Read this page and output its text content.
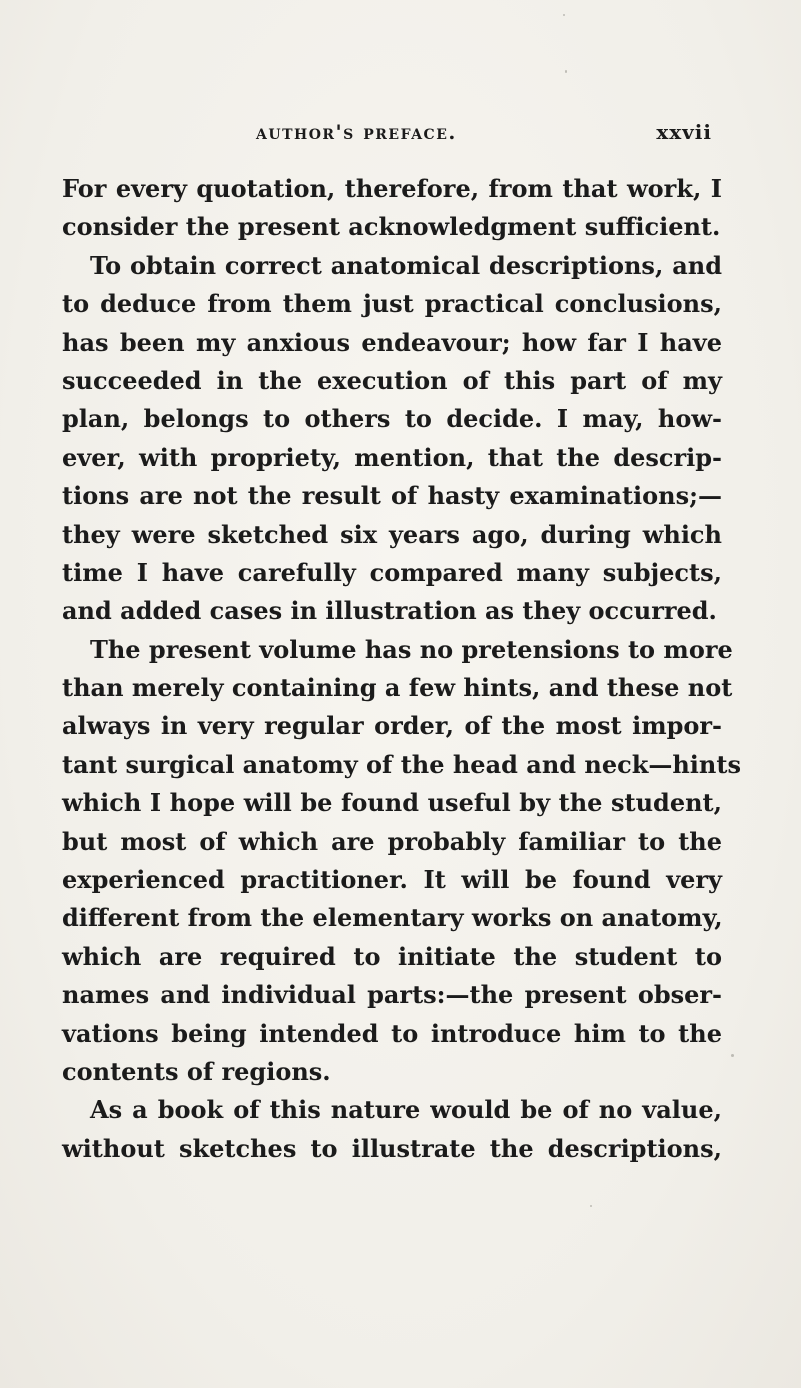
author's preface.	xxvii
For every quotation, therefore, from that work, I
consider the present acknowledgment sufficient.
To obtain correct anatomical descriptions, and
to deduce from them just practical conclusions,
has been my anxious endeavour; how far I have
succeeded in the execution of this part of my
plan, belongs to others to decide. I may, how-
ever, with propriety, mention, that the descrip-
tions are not the result of hasty examinations;—
they were sketched six years ago, during which
time I have carefully compared many subjects,
and added cases in illustration as they occurred.
The present volume has no pretensions to more
than merely containing a few hints, and these not
always in very regular order, of the most impor-
tant surgical anatomy of the head and neck—hints
which I hope will be found useful by the student,
but most of which are probably familiar to the
experienced practitioner. It will be found very
different from the elementary works on anatomy,
which are required to initiate the student to
names and individual parts:—the present obser-
vations being intended to introduce him to the
contents of regions.
As a book of this nature would be of no value,
without sketches to illustrate the descriptions,
